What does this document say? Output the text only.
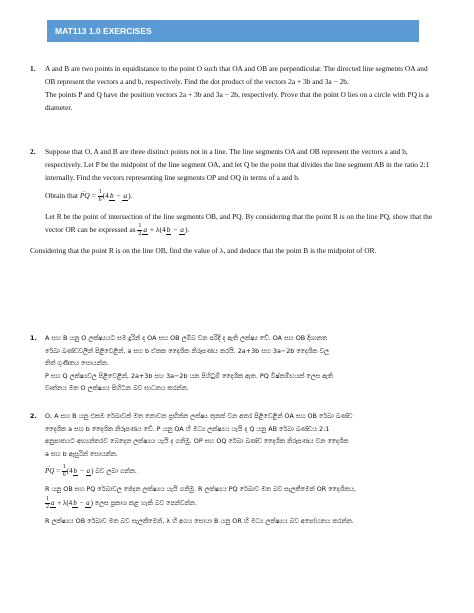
MAT113 1.0 EXERCISES
1. A and B are two points in equidistance to the point O such that OA and OB are perpendicular. The directed line segments OA and OB represent the vectors a and b, respectively. Find the dot product of the vectors 2a + 3b and 3a − 2b.

The points P and Q have the position vectors 2a + 3b and 3a − 2b, respectively. Prove that the point O lies on a circle with PQ is a diameter.

2. Suppose that O, A and B are three distinct points not in a line. The line segments OA and OB represent the vectors a and b, respectively. Let P be the midpoint of the line segment OA, and let Q be the point that divides the line segment AB in the ratio 2:1 internally. Find the vectors representing line segments OP and OQ in terms of a and b.

Obtain that → PQ = $\frac{1}{6} (4b - a)$.

Let R be the point of intersection of the line segments OB, and PQ. By considering that the point R is on the line PQ, show that the vector OR can be expressed as $\frac{1}{2}$ a + λ(4b − a).

Considering that the point R is on the line OB, find the value of λ, and deduce that the point B is the midpoint of OR.

1. A සහ B යනු O ලක්ෂ්‍යයට සම දුරින් ද OA සහ OB ලම්බ වන පරිදි ද ඇති ලක්ෂ්‍ය වේ. OA සහ OB දිශානත

රේඛා ඛණ්ඩවලින් පිළිවෙළින්, a සහ b ඒකක දෛශික නිරූපණය කරයි. 2a+3b සහ 3a−2b දෛශික වල

තිත් ගුණිතය සොයන්න.

P සහ Q ලක්ෂ්‍යවල පිළිවෙළින්, 2a+3b සහ 3a−2b යන පිහිටුම් දෛශික ඇත. PQ විෂ්කම්භයක් ලෙස ඇති

වෘත්තය මත O ලක්ෂ්‍යය පිහිටන බව සාධනය කරන්න.

2. O, A සහ B යනු එකම රේඛාවක් මත නොවන ප්‍රභින්න ලක්ෂ්‍ය තුනක් වන අතර පිළිවෙළින් OA සහ OB රේඛා ඛණ්ඩ

දෛශික a සහ b දෛශික නිරූපණය වේ. P යනු OA හි මධ්‍ය ලක්ෂ්‍යය යැයි ද Q යනු AB රේඛා ඛණ්ඩය 2:1

අනුපාතයට අභ්‍යන්තරව බෙදෙන ලක්ෂ්‍යය යැයි ද ගනිමු. OP සහ OQ රේඛා ඛණ්ඩ දෛශික නිරූපණය වන දෛශික

a සහ b ඇසුරින් සොයන්න.

→ PQ = $\frac{1}{6} (4b - a)$ බව ලබා ගන්න.

R යනු OB සහ PQ රේඛාවල ඡේදන ලක්ෂ්‍යය යැයි ගනිමු. R ලක්ෂ්‍යය PQ රේඛාව මත බව සැලකීමෙන් OR දෛශිකය,

$\frac{1}{2}$ a + λ(4b − a) ලෙස ප්‍රකාශ කළ හැකි බව පෙන්වන්න.

R ලක්ෂ්‍යය OB රේඛාව මත බව සැලකීමෙන්, λ හි අගය සොයා B යනු OR හි මධ්‍ය ලක්ෂ්‍යය බව අපෝහනය කරන්න.
